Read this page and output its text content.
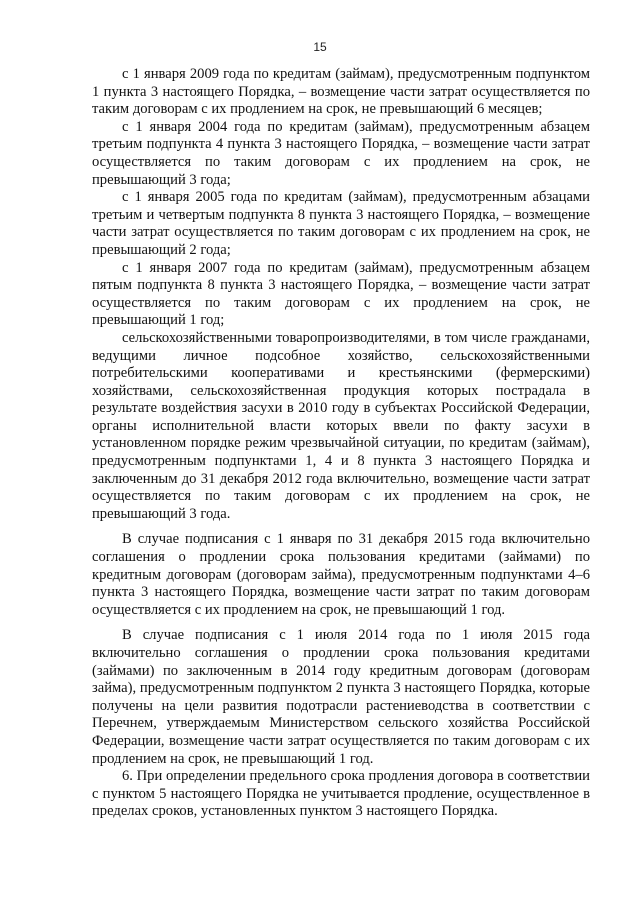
15

с 1 января 2009 года по кредитам (займам), предусмотренным подпунктом 1 пункта 3 настоящего Порядка, – возмещение части затрат осуществляется по таким договорам с их продлением на срок, не превышающий 6 месяцев;

с 1 января 2004 года по кредитам (займам), предусмотренным абзацем третьим подпункта 4 пункта 3 настоящего Порядка, – возмещение части затрат осуществляется по таким договорам с их продлением на срок, не превышающий 3 года;

с 1 января 2005 года по кредитам (займам), предусмотренным абзацами третьим и четвертым подпункта 8 пункта 3 настоящего Порядка, – возмещение части затрат осуществляется по таким договорам с их продлением на срок, не превышающий 2 года;

с 1 января 2007 года по кредитам (займам), предусмотренным абзацем пятым подпункта 8 пункта 3 настоящего Порядка, – возмещение части затрат осуществляется по таким договорам с их продлением на срок, не превышающий 1 год;

сельскохозяйственными товаропроизводителями, в том числе гражданами, ведущими личное подсобное хозяйство, сельскохозяйственными потребительскими кооперативами и крестьянскими (фермерскими) хозяйствами, сельскохозяйственная продукция которых пострадала в результате воздействия засухи в 2010 году в субъектах Российской Федерации, органы исполнительной власти которых ввели по факту засухи в установленном порядке режим чрезвычайной ситуации, по кредитам (займам), предусмотренным подпунктами 1, 4 и 8 пункта 3 настоящего Порядка и заключенным до 31 декабря 2012 года включительно, возмещение части затрат осуществляется по таким договорам с их продлением на срок, не превышающий 3 года.

В случае подписания с 1 января по 31 декабря 2015 года включительно соглашения о продлении срока пользования кредитами (займами) по кредитным договорам (договорам займа), предусмотренным подпунктами 4–6 пункта 3 настоящего Порядка, возмещение части затрат по таким договорам осуществляется с их продлением на срок, не превышающий 1 год.

В случае подписания с 1 июля 2014 года по 1 июля 2015 года включительно соглашения о продлении срока пользования кредитами (займами) по заключенным в 2014 году кредитным договорам (договорам займа), предусмотренным подпунктом 2 пункта 3 настоящего Порядка, которые получены на цели развития подотрасли растениеводства в соответствии с Перечнем, утверждаемым Министерством сельского хозяйства Российской Федерации, возмещение части затрат осуществляется по таким договорам с их продлением на срок, не превышающий 1 год.

6. При определении предельного срока продления договора в соответствии с пунктом 5 настоящего Порядка не учитывается продление, осуществленное в пределах сроков, установленных пунктом 3 настоящего Порядка.
